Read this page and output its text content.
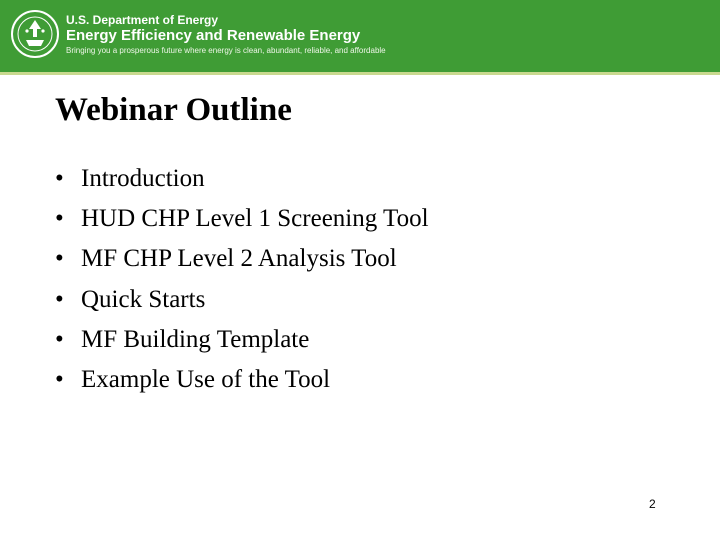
U.S. Department of Energy
Energy Efficiency and Renewable Energy
Bringing you a prosperous future where energy is clean, abundant, reliable, and affordable
Webinar Outline
• Introduction
• HUD CHP Level 1 Screening Tool
• MF CHP Level 2 Analysis Tool
• Quick Starts
• MF Building Template
• Example Use of the Tool
2
